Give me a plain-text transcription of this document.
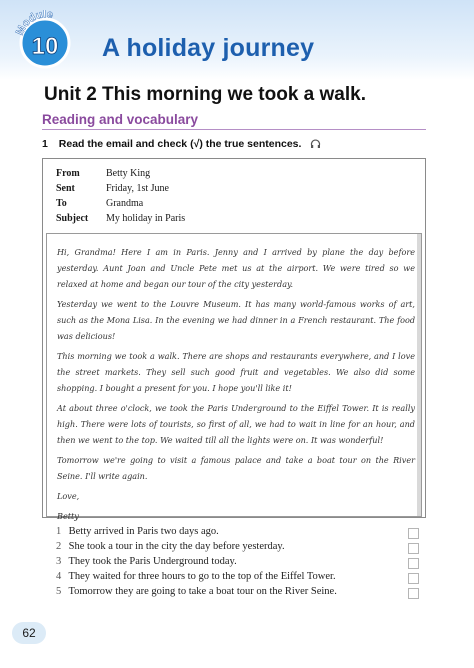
Module
10 A holiday journey
Unit 2 This morning we took a walk.
Reading and vocabulary
1 Read the email and check (√) the true sentences.
From	Betty King
Sent	Friday, 1st June
To	Grandma
Subject My holiday in Paris

Hi, Grandma! Here I am in Paris. Jenny and I arrived by plane the day before yesterday. Aunt Joan and Uncle Pete met us at the airport. We were tired so we relaxed at home and began our tour of the city yesterday.

Yesterday we went to the Louvre Museum. It has many world-famous works of art, such as the Mona Lisa. In the evening we had dinner in a French restaurant. The food was delicious!

This morning we took a walk. There are shops and restaurants everywhere, and I love the street markets. They sell such good fruit and vegetables. We also did some shopping. I bought a present for you. I hope you'll like it!

At about three o'clock, we took the Paris Underground to the Eiffel Tower. It is really high. There were lots of tourists, so first of all, we had to wait in line for an hour, and then we went to the top. We waited till all the lights were on. It was wonderful!

Tomorrow we're going to visit a famous palace and take a boat tour on the River Seine. I'll write again.

Love,

Betty

1 Betty arrived in Paris two days ago.
2 She took a tour in the city the day before yesterday.
3 They took the Paris Underground today.
4 They waited for three hours to go to the top of the Eiffel Tower.
5 Tomorrow they are going to take a boat tour on the River Seine.
62
